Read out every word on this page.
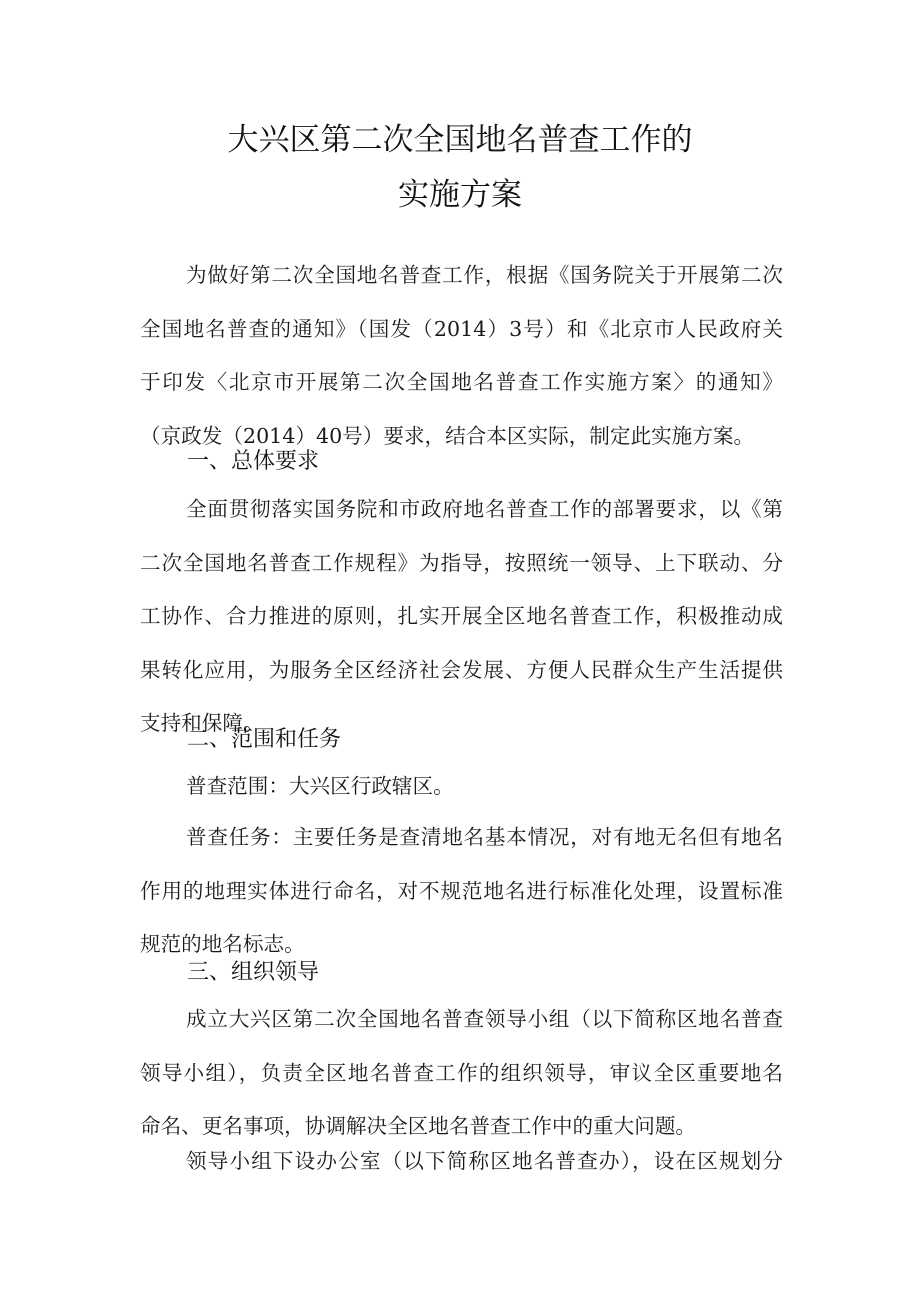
大兴区第二次全国地名普查工作的
实施方案
为做好第二次全国地名普查工作，根据《国务院关于开展第二次
全国地名普查的通知》（国发（2014）3号）和《北京市人民政府关
于印发〈北京市开展第二次全国地名普查工作实施方案〉的通知》
（京政发（2014）40号）要求，结合本区实际，制定此实施方案。
一、总体要求
全面贯彻落实国务院和市政府地名普查工作的部署要求，以《第
二次全国地名普查工作规程》为指导，按照统一领导、上下联动、分
工协作、合力推进的原则，扎实开展全区地名普查工作，积极推动成
果转化应用，为服务全区经济社会发展、方便人民群众生产生活提供
支持和保障。
二、范围和任务
普查范围：大兴区行政辖区。
普查任务：主要任务是查清地名基本情况，对有地无名但有地名
作用的地理实体进行命名，对不规范地名进行标准化处理，设置标准
规范的地名标志。
三、组织领导
成立大兴区第二次全国地名普查领导小组（以下简称区地名普查
领导小组），负责全区地名普查工作的组织领导，审议全区重要地名
命名、更名事项，协调解决全区地名普查工作中的重大问题。
领导小组下设办公室（以下简称区地名普查办），设在区规划分
